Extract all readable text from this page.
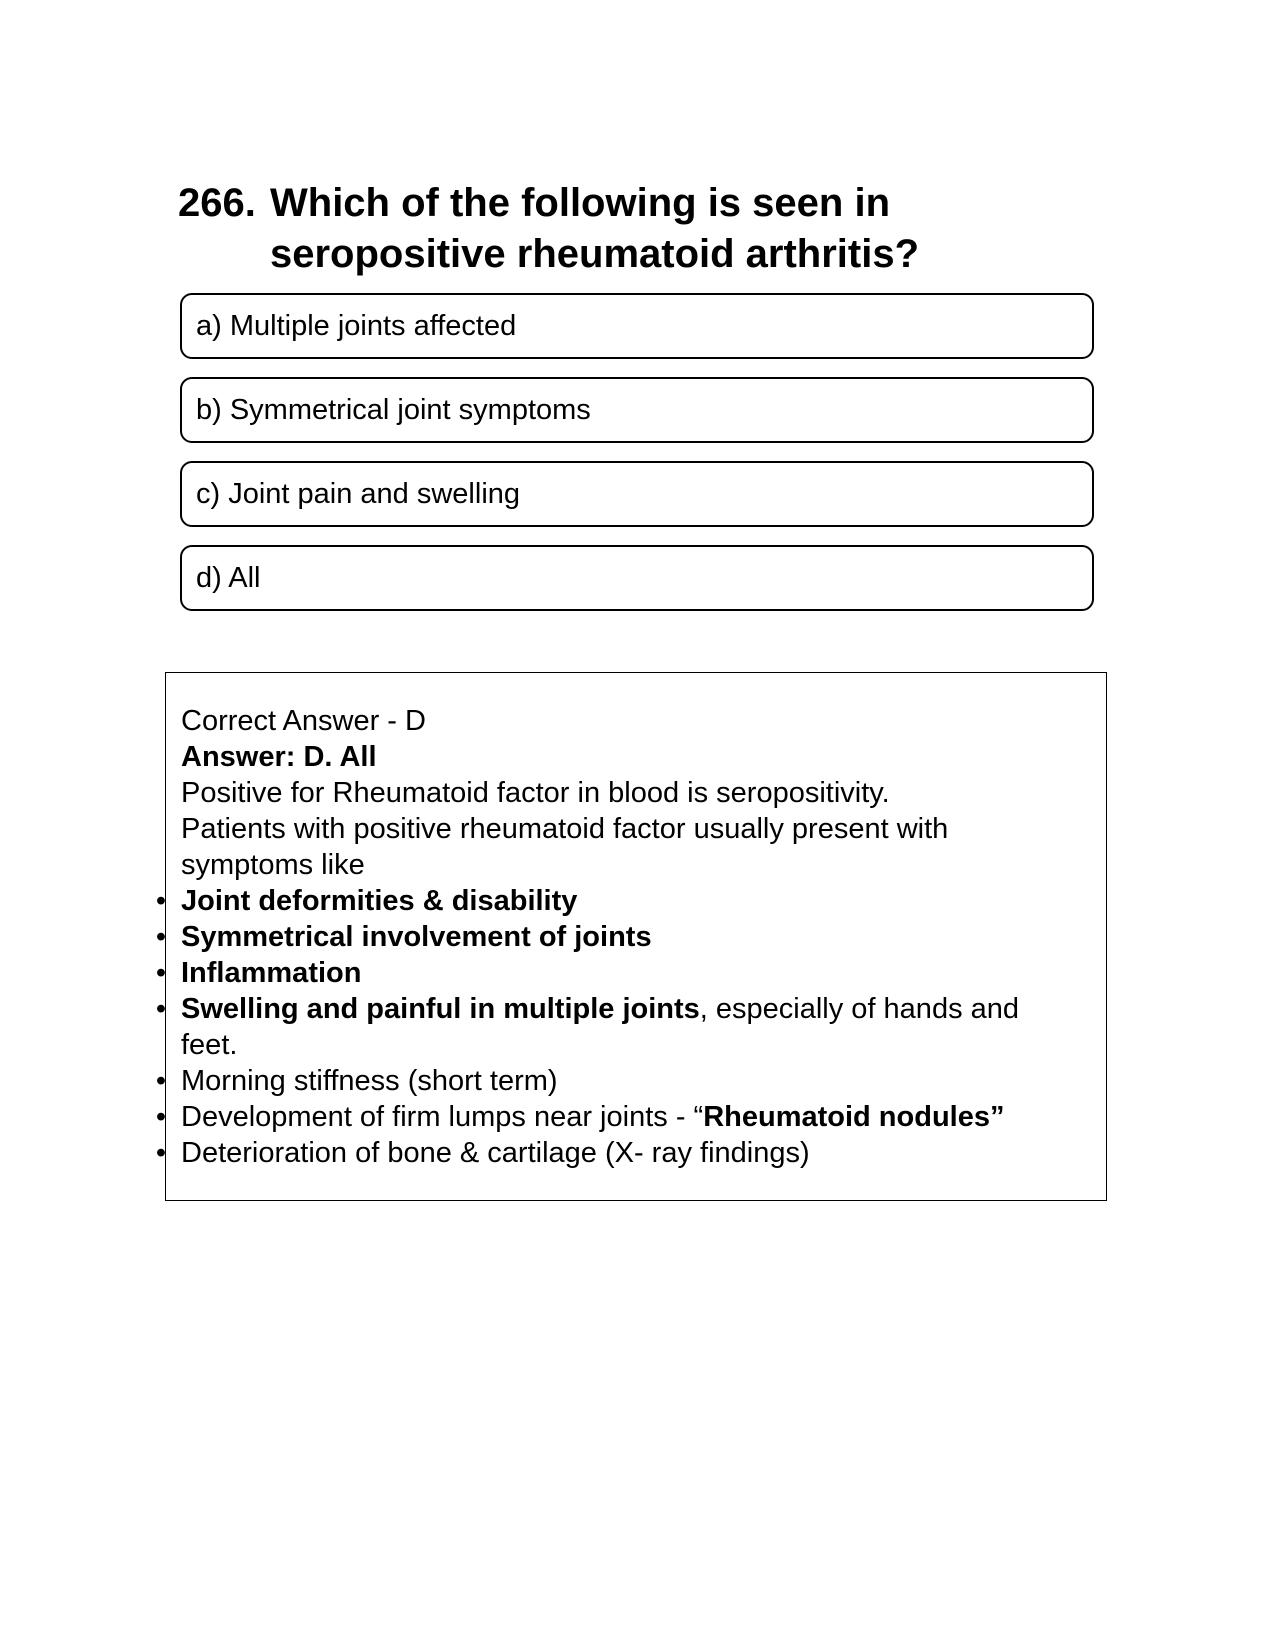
266. Which of the following is seen in seropositive rheumatoid arthritis?
a) Multiple joints affected
b) Symmetrical joint symptoms
c) Joint pain and swelling
d) All

Correct Answer - D

Answer: D. All

Positive for Rheumatoid factor in blood is seropositivity.

Patients with positive rheumatoid factor usually present with symptoms like

• Joint deformities & disability
• Symmetrical involvement of joints
• Inflammation
• Swelling and painful in multiple joints, especially of hands and feet.
• Morning stiffness (short term)
• Development of firm lumps near joints - “Rheumatoid nodules”
• Deterioration of bone & cartilage (X- ray findings)
